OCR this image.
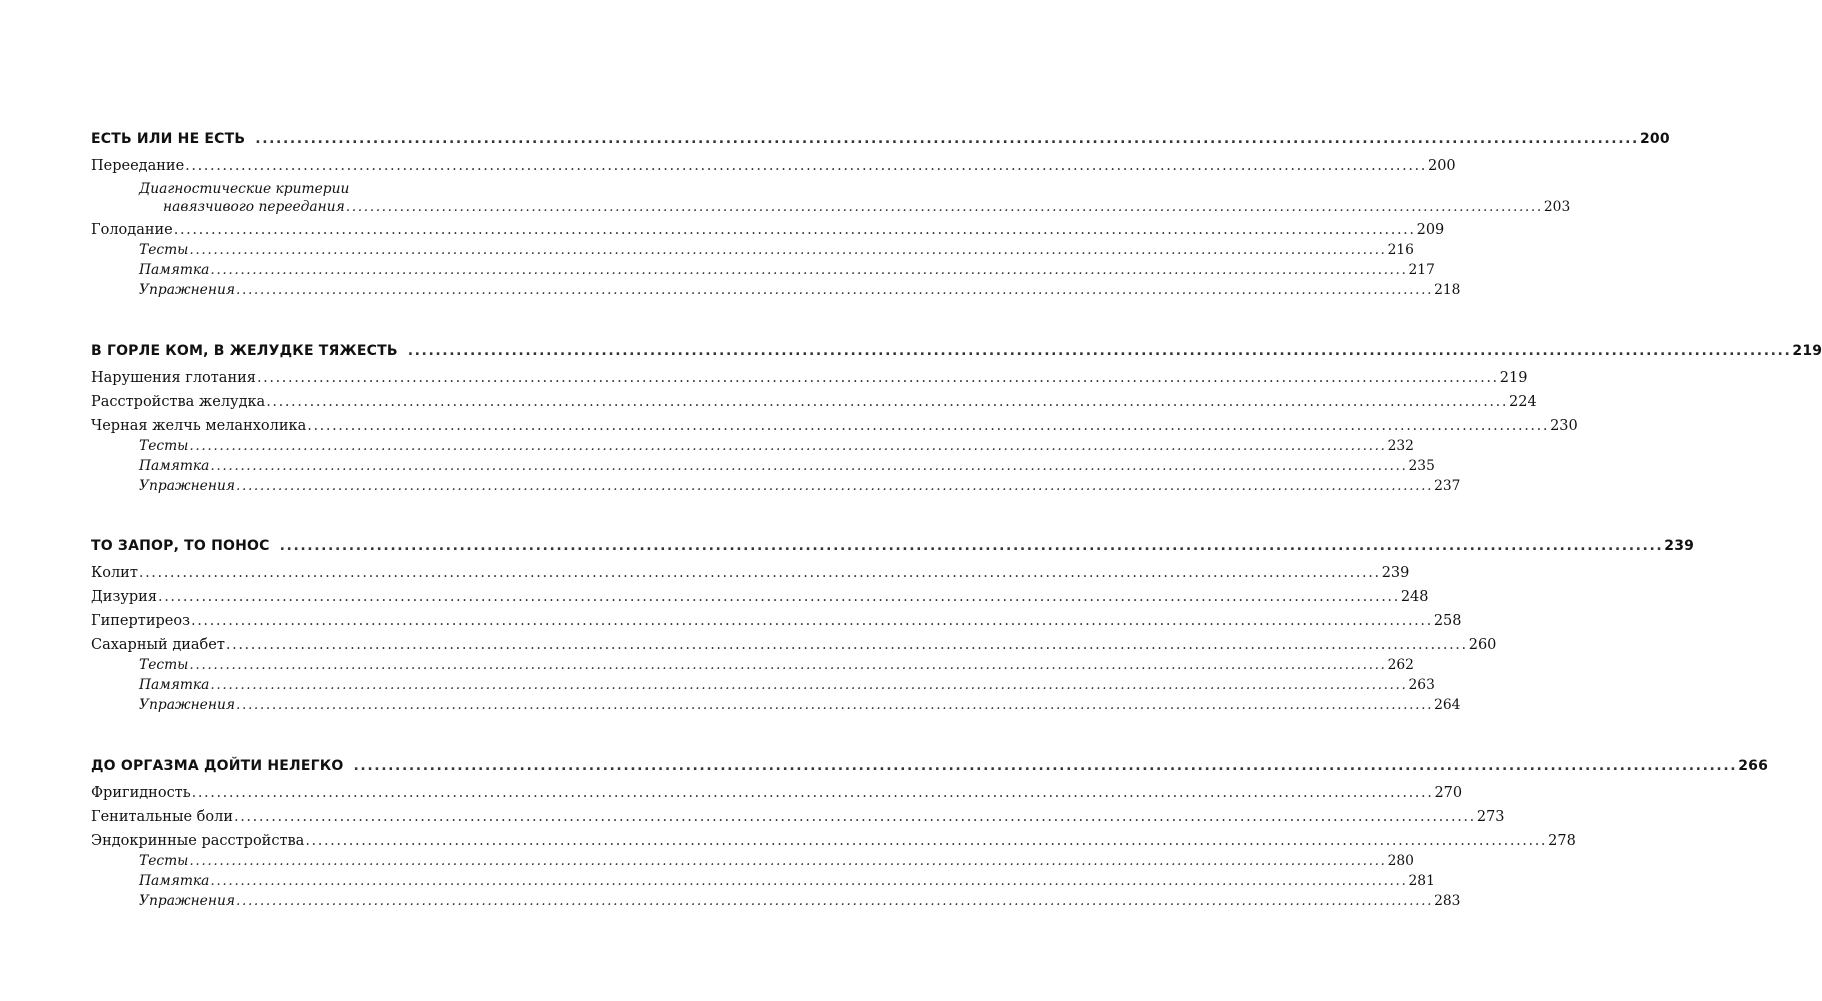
ЕСТЬ ИЛИ НЕ ЕСТЬ ........................................................................................................................................................................................................ 200
Переедание ........................................................................................................................................................................................................ 200
Диагностические критерии
навязчивого переедания ........................................................................................................................................................................................................ 203
Голодание ........................................................................................................................................................................................................ 209
Тесты ........................................................................................................................................................................................................ 216
Памятка ........................................................................................................................................................................................................ 217
Упражнения ........................................................................................................................................................................................................ 218
В ГОРЛЕ КОМ, В ЖЕЛУДКЕ ТЯЖЕСТЬ ........................................................................................................................................................................................................ 219
Нарушения глотания ........................................................................................................................................................................................................ 219
Расстройства желудка ........................................................................................................................................................................................................ 224
Черная желчь меланхолика ........................................................................................................................................................................................................ 230
Тесты ........................................................................................................................................................................................................ 232
Памятка ........................................................................................................................................................................................................ 235
Упражнения ........................................................................................................................................................................................................ 237
ТО ЗАПОР, ТО ПОНОС ........................................................................................................................................................................................................ 239
Колит ........................................................................................................................................................................................................ 239
Дизурия ........................................................................................................................................................................................................ 248
Гипертиреоз ........................................................................................................................................................................................................ 258
Сахарный диабет ........................................................................................................................................................................................................ 260
Тесты ........................................................................................................................................................................................................ 262
Памятка ........................................................................................................................................................................................................ 263
Упражнения ........................................................................................................................................................................................................ 264
ДО ОРГАЗМА ДОЙТИ НЕЛЕГКО ........................................................................................................................................................................................................ 266
Фригидность ........................................................................................................................................................................................................ 270
Генитальные боли ........................................................................................................................................................................................................ 273
Эндокринные расстройства ........................................................................................................................................................................................................ 278
Тесты ........................................................................................................................................................................................................ 280
Памятка ........................................................................................................................................................................................................ 281
Упражнения ........................................................................................................................................................................................................ 283
